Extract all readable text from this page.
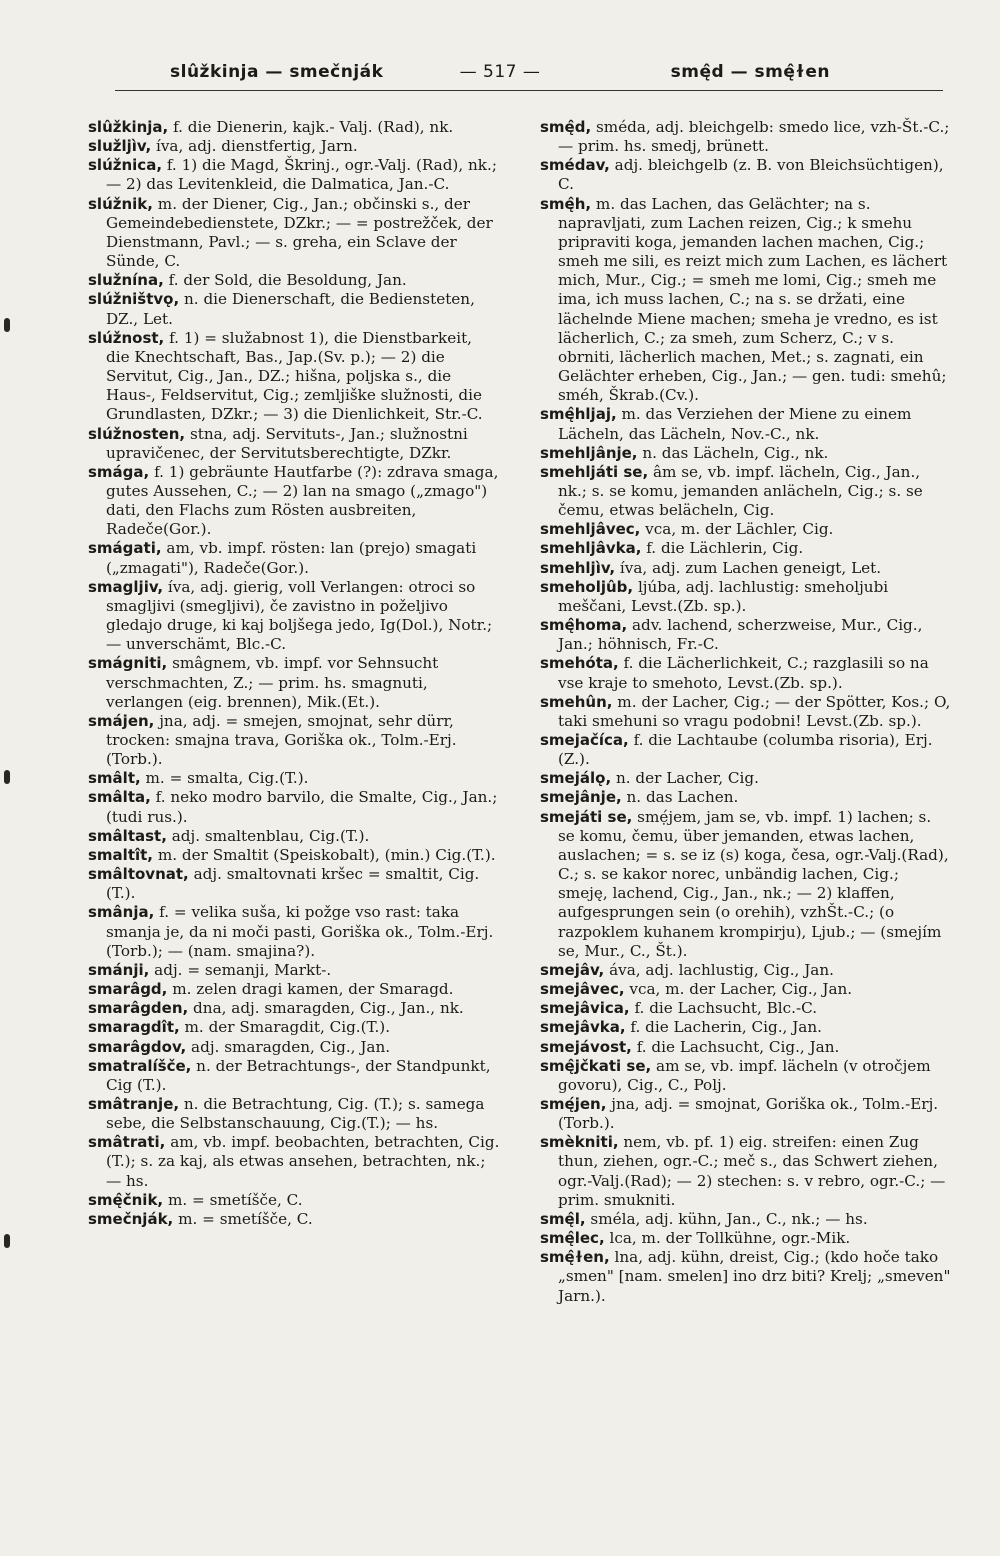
slûžkinja — smečnják	— 517 —	smę̂d — smę̂ɫen
slûžkinja, f. die Dienerin, kajk.- Valj. (Rad), nk.
služljìv, íva, adj. dienstfertig, Jarn.
slúžnica, f. 1) die Magd, Škrinj., ogr.-Valj. (Rad), nk.; — 2) das Levitenkleid, die Dalmatica, Jan.-C.
slúžnik, m. der Diener, Cig., Jan.; občinski s., der Gemeindebedienstete, DZkr.; — = postrežček, der Dienstmann, Pavl.; — s. greha, ein Sclave der Sünde, C.
služnína, f. der Sold, die Besoldung, Jan.
slúžništvǫ, n. die Dienerschaft, die Bediensteten, DZ., Let.
slúžnost, f. 1) = služabnost 1), die Dienstbarkeit, die Knechtschaft, Bas., Jap.(Sv. p.); — 2) die Servitut, Cig., Jan., DZ.; hišna, poljska s., die Haus-, Feldservitut, Cig.; zemljiške služnosti, die Grundlasten, DZkr.; — 3) die Dienlichkeit, Str.-C.
slúžnosten, stna, adj. Servituts-, Jan.; služnostni upravičenec, der Servitutsberechtigte, DZkr.
smága, f. 1) gebräunte Hautfarbe (?): zdrava smaga, gutes Aussehen, C.; — 2) lan na smago („zmago") dati, den Flachs zum Rösten ausbreiten, Radeče(Gor.).
smágati, am, vb. impf. rösten: lan (prejo) smagati („zmagati"), Radeče(Gor.).
smagljiv, íva, adj. gierig, voll Verlangen: otroci so smagljivi (smegljivi), če zavistno in poželjivo gledajo druge, ki kaj boljšega jedo, Ig(Dol.), Notr.; — unverschämt, Blc.-C.
smágniti, smâgnem, vb. impf. vor Sehnsucht verschmachten, Z.; — prim. hs. smagnuti, verlangen (eig. brennen), Mik.(Et.).
smájen, jna, adj. = smejen, smojnat, sehr dürr, trocken: smajna trava, Goriška ok., Tolm.-Erj.(Torb.).
smâlt, m. = smalta, Cig.(T.).
smâlta, f. neko modro barvilo, die Smalte, Cig., Jan.; (tudi rus.).
smâltast, adj. smaltenblau, Cig.(T.).
smaltît, m. der Smaltit (Speiskobalt), (min.) Cig.(T.).
smâltovnat, adj. smaltovnati kršec = smaltit, Cig.(T.).
smânja, f. = velika suša, ki požge vso rast: taka smanja je, da ni moči pasti, Goriška ok., Tolm.-Erj.(Torb.); — (nam. smajina?).
smánji, adj. = semanji, Markt-.
smarâgd, m. zelen dragi kamen, der Smaragd.
smarâgden, dna, adj. smaragden, Cig., Jan., nk.
smaragdît, m. der Smaragdit, Cig.(T.).
smarâgdov, adj. smaragden, Cig., Jan.
smatralíšče, n. der Betrachtungs-, der Standpunkt, Cig (T.).
smâtranje, n. die Betrachtung, Cig. (T.); s. samega sebe, die Selbstanschauung, Cig.(T.); — hs.
smâtrati, am, vb. impf. beobachten, betrachten, Cig.(T.); s. za kaj, als etwas ansehen, betrachten, nk.; — hs.
smę̂čnik, m. = smetíšče, C.
smečnják, m. = smetíšče, C.
smę̂d, sméda, adj. bleichgelb: smedo lice, vzh-Št.-C.; — prim. hs. smedj, brünett.
smédav, adj. bleichgelb (z. B. von Bleichsüchtigen), C.
smę̂h, m. das Lachen, das Gelächter; na s. napravljati, zum Lachen reizen, Cig.; k smehu pripraviti koga, jemanden lachen machen, Cig.; smeh me sili, es reizt mich zum Lachen, es lächert mich, Mur., Cig.; = smeh me lomi, Cig.; smeh me ima, ich muss lachen, C.; na s. se držati, eine lächelnde Miene machen; smeha je vredno, es ist lächerlich, C.; za smeh, zum Scherz, C.; v s. obrniti, lächerlich machen, Met.; s. zagnati, ein Gelächter erheben, Cig., Jan.; — gen. tudi: smehû; sméh, Škrab.(Cv.).
smę̂hljaj, m. das Verziehen der Miene zu einem Lächeln, das Lächeln, Nov.-C., nk.
smehljânje, n. das Lächeln, Cig., nk.
smehljáti se, âm se, vb. impf. lächeln, Cig., Jan., nk.; s. se komu, jemanden anlächeln, Cig.; s. se čemu, etwas belächeln, Cig.
smehljâvec, vca, m. der Lächler, Cig.
smehljâvka, f. die Lächlerin, Cig.
smehljìv, íva, adj. zum Lachen geneigt, Let.
smeholjûb, ljúba, adj. lachlustig: smeholjubi meščani, Levst.(Zb. sp.).
smę̂homa, adv. lachend, scherzweise, Mur., Cig., Jan.; höhnisch, Fr.-C.
smehóta, f. die Lächerlichkeit, C.; razglasili so na vse kraje to smehoto, Levst.(Zb. sp.).
smehûn, m. der Lacher, Cig.; — der Spötter, Kos.; O, taki smehuni so vragu podobni! Levst.(Zb. sp.).
smejačíca, f. die Lachtaube (columba risoria), Erj.(Z.).
smejálǫ, n. der Lacher, Cig.
smejânje, n. das Lachen.
smejáti se, smẹ́jem, jam se, vb. impf. 1) lachen; s. se komu, čemu, über jemanden, etwas lachen, auslachen; = s. se iz (s) koga, česa, ogr.-Valj.(Rad), C.; s. se kakor norec, unbändig lachen, Cig.; smeję, lachend, Cig., Jan., nk.; — 2) klaffen, aufgesprungen sein (o orehih), vzhŠt.-C.; (o razpoklem kuhanem krompirju), Ljub.; — (smejím se, Mur., C., Št.).
smejâv, áva, adj. lachlustig, Cig., Jan.
smejâvec, vca, m. der Lacher, Cig., Jan.
smejâvica, f. die Lachsucht, Blc.-C.
smejâvka, f. die Lacherin, Cig., Jan.
smejávost, f. die Lachsucht, Cig., Jan.
smę̂jčkati se, am se, vb. impf. lächeln (v otročjem govoru), Cig., C., Polj.
smę́jen, jna, adj. = smojnat, Goriška ok., Tolm.-Erj.(Torb.).
smèkniti, nem, vb. pf. 1) eig. streifen: einen Zug thun, ziehen, ogr.-C.; meč s., das Schwert ziehen, ogr.-Valj.(Rad); — 2) stechen: s. v rebro, ogr.-C.; — prim. smukniti.
smę̂l, sméla, adj. kühn, Jan., C., nk.; — hs.
smę̂lec, lca, m. der Tollkühne, ogr.-Mik.
smę̂ɫen, lna, adj. kühn, dreist, Cig.; (kdo hoče tako „smen" [nam. smelen] ino drz biti? Krelj; „smeven" Jarn.).
